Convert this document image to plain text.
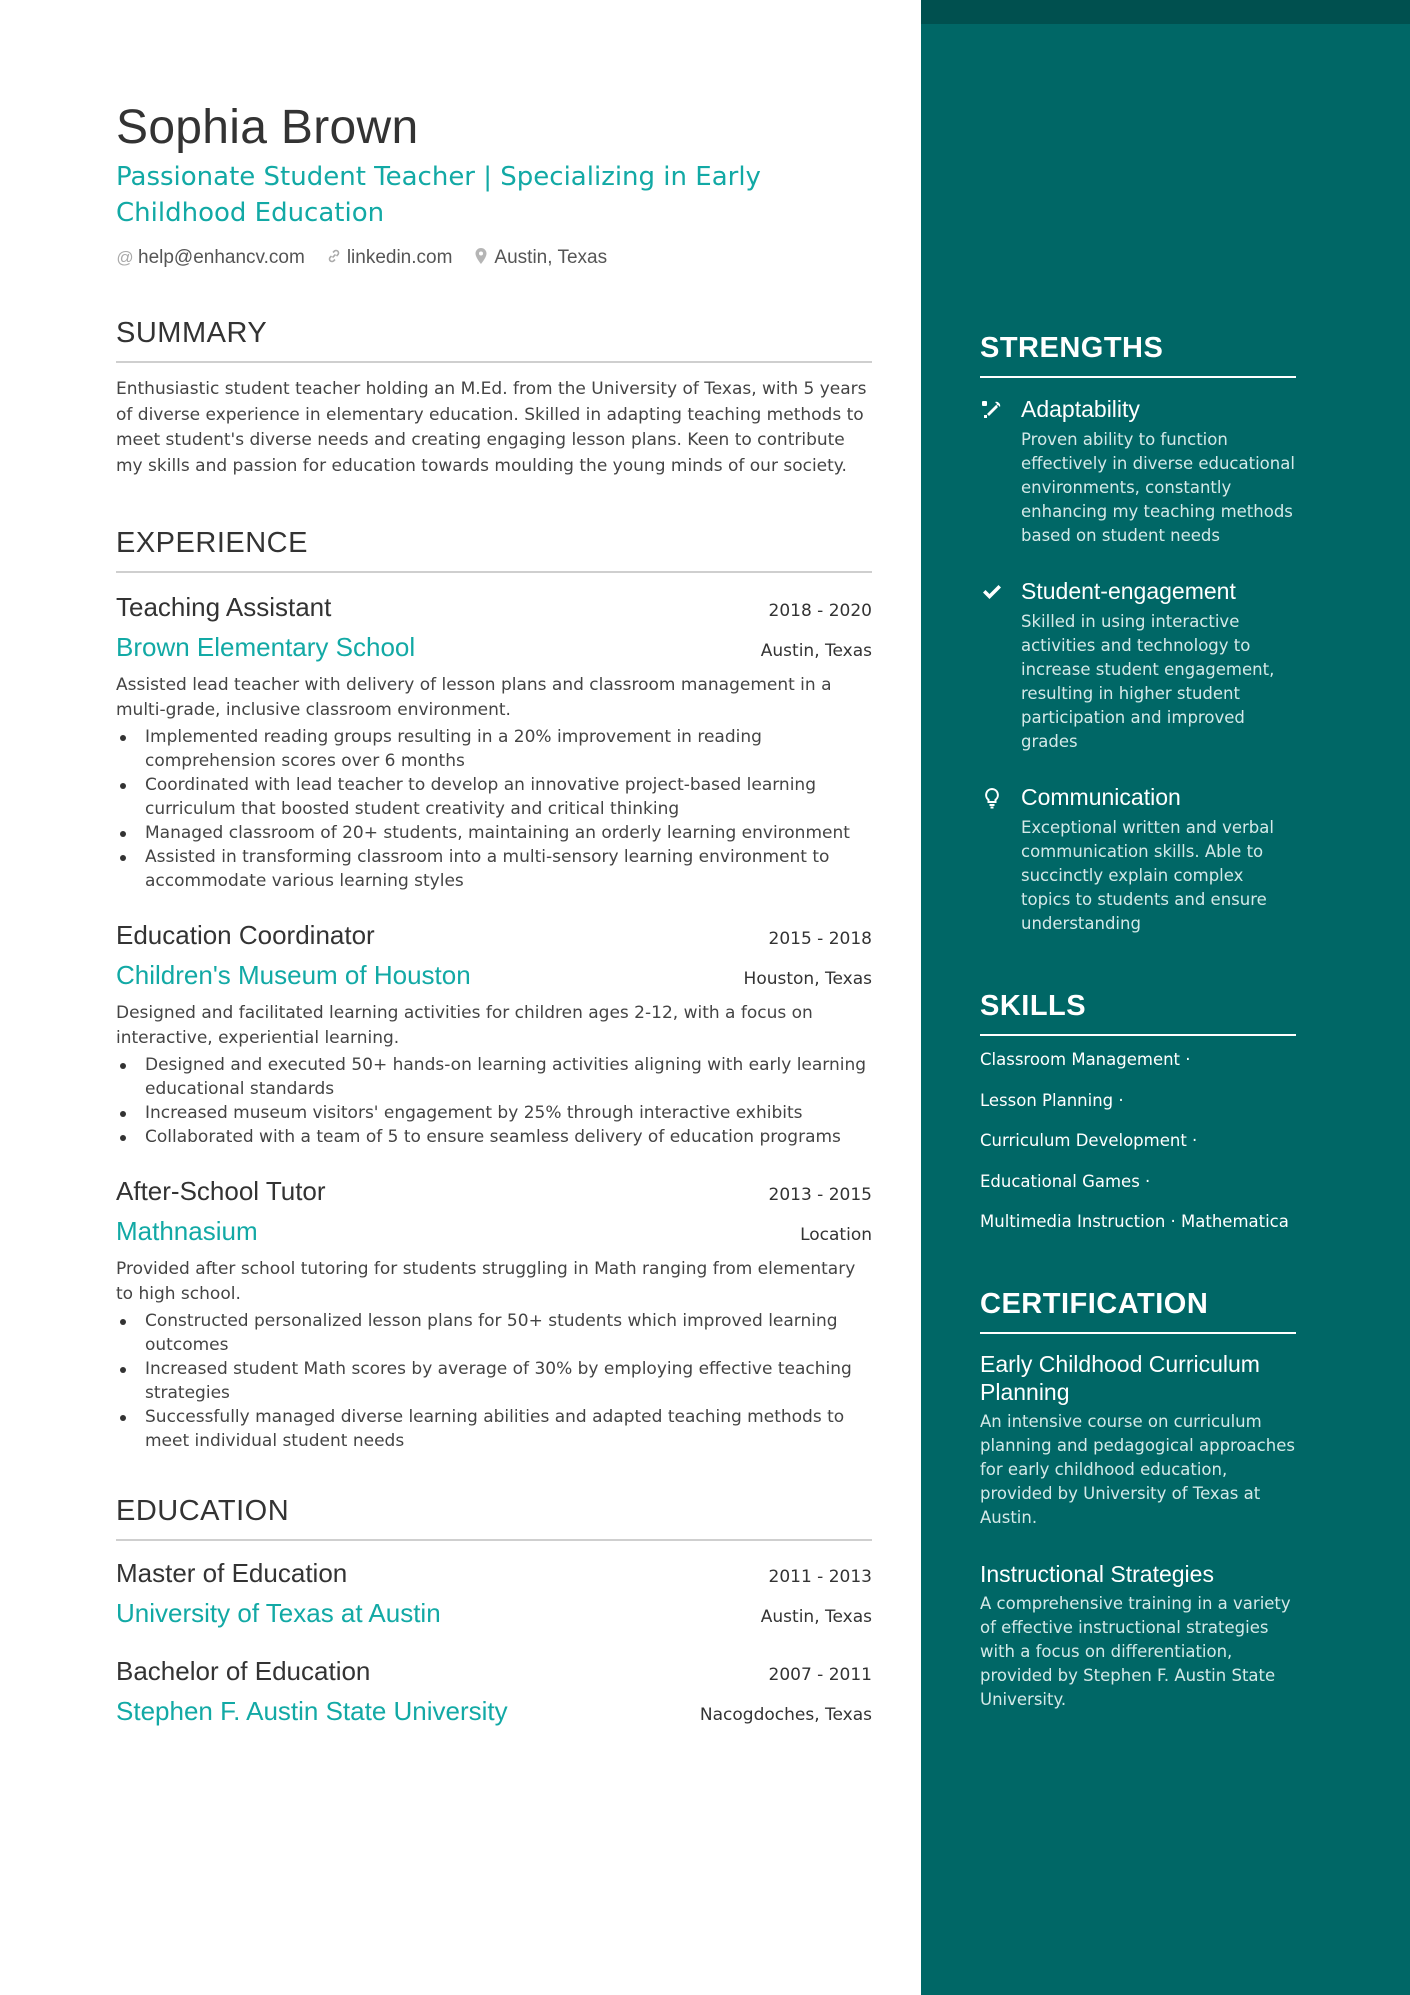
Sophia Brown
Passionate Student Teacher | Specializing in Early Childhood Education
@ help@enhancv.com linkedin.com Austin, Texas
SUMMARY

Enthusiastic student teacher holding an M.Ed. from the University of Texas, with 5 years of diverse experience in elementary education. Skilled in adapting teaching methods to meet student's diverse needs and creating engaging lesson plans. Keen to contribute my skills and passion for education towards moulding the young minds of our society.

EXPERIENCE
Teaching Assistant	2018 - 2020
Brown Elementary School	Austin, Texas

Assisted lead teacher with delivery of lesson plans and classroom management in a multi-grade, inclusive classroom environment.

Implemented reading groups resulting in a 20% improvement in reading comprehension scores over 6 months
Coordinated with lead teacher to develop an innovative project-based learning curriculum that boosted student creativity and critical thinking
Managed classroom of 20+ students, maintaining an orderly learning environment
Assisted in transforming classroom into a multi-sensory learning environment to accommodate various learning styles
Education Coordinator	2015 - 2018
Children's Museum of Houston	Houston, Texas

Designed and facilitated learning activities for children ages 2-12, with a focus on interactive, experiential learning.

Designed and executed 50+ hands-on learning activities aligning with early learning educational standards
Increased museum visitors' engagement by 25% through interactive exhibits
Collaborated with a team of 5 to ensure seamless delivery of education programs
After-School Tutor	2013 - 2015
Mathnasium	Location

Provided after school tutoring for students struggling in Math ranging from elementary to high school.

Constructed personalized lesson plans for 50+ students which improved learning outcomes
Increased student Math scores by average of 30% by employing effective teaching strategies
Successfully managed diverse learning abilities and adapted teaching methods to meet individual student needs
EDUCATION
Master of Education	2011 - 2013
University of Texas at Austin	Austin, Texas
Bachelor of Education	2007 - 2011
Stephen F. Austin State University	Nacogdoches, Texas
STRENGTHS
Adaptability
Proven ability to function effectively in diverse educational environments, constantly enhancing my teaching methods based on student needs
Student-engagement
Skilled in using interactive activities and technology to increase student engagement, resulting in higher student participation and improved grades
Communication
Exceptional written and verbal communication skills. Able to succinctly explain complex topics to students and ensure understanding
SKILLS
Classroom Management ·
Lesson Planning ·
Curriculum Development ·
Educational Games ·
Multimedia Instruction · Mathematica
CERTIFICATION
Early Childhood Curriculum Planning
An intensive course on curriculum planning and pedagogical approaches for early childhood education, provided by University of Texas at Austin.
Instructional Strategies
A comprehensive training in a variety of effective instructional strategies with a focus on differentiation, provided by Stephen F. Austin State University.
